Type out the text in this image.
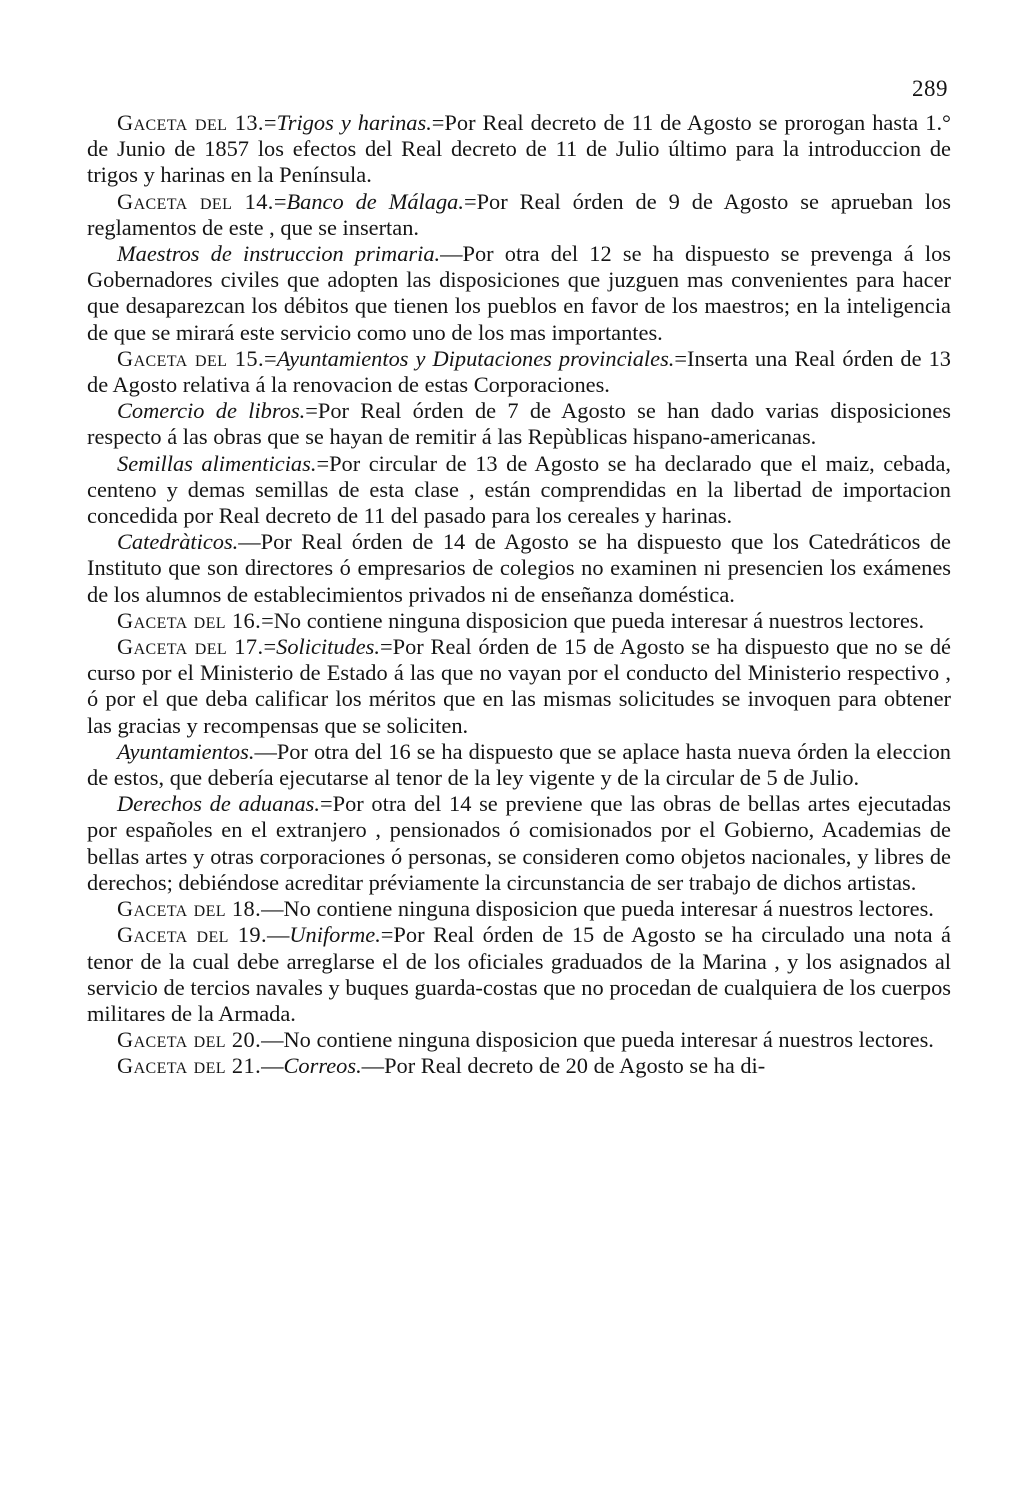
289

Gaceta del 13.=Trigos y harinas.=Por Real decreto de 11 de Agosto se prorogan hasta 1.° de Junio de 1857 los efectos del Real decreto de 11 de Julio último para la introduccion de trigos y harinas en la Península.

Gaceta del 14.=Banco de Málaga.=Por Real órden de 9 de Agosto se aprueban los reglamentos de este , que se insertan.

Maestros de instruccion primaria.—Por otra del 12 se ha dispuesto se prevenga á los Gobernadores civiles que adopten las disposiciones que juzguen mas convenientes para hacer que desaparezcan los débitos que tienen los pueblos en favor de los maestros; en la inteligencia de que se mirará este servicio como uno de los mas importantes.

Gaceta del 15.=Ayuntamientos y Diputaciones provinciales.=Inserta una Real órden de 13 de Agosto relativa á la renovacion de estas Corporaciones.

Comercio de libros.=Por Real órden de 7 de Agosto se han dado varias disposiciones respecto á las obras que se hayan de remitir á las Repùblicas hispano-americanas.

Semillas alimenticias.=Por circular de 13 de Agosto se ha declarado que el maiz, cebada, centeno y demas semillas de esta clase , están comprendidas en la libertad de importacion concedida por Real decreto de 11 del pasado para los cereales y harinas.

Catedràticos.—Por Real órden de 14 de Agosto se ha dispuesto que los Catedráticos de Instituto que son directores ó empresarios de colegios no examinen ni presencien los exámenes de los alumnos de establecimientos privados ni de enseñanza doméstica.

Gaceta del 16.=No contiene ninguna disposicion que pueda interesar á nuestros lectores.

Gaceta del 17.=Solicitudes.=Por Real órden de 15 de Agosto se ha dispuesto que no se dé curso por el Ministerio de Estado á las que no vayan por el conducto del Ministerio respectivo , ó por el que deba calificar los méritos que en las mismas solicitudes se invoquen para obtener las gracias y recompensas que se soliciten.

Ayuntamientos.—Por otra del 16 se ha dispuesto que se aplace hasta nueva órden la eleccion de estos, que debería ejecutarse al tenor de la ley vigente y de la circular de 5 de Julio.

Derechos de aduanas.=Por otra del 14 se previene que las obras de bellas artes ejecutadas por españoles en el extranjero , pensionados ó comisionados por el Gobierno, Academias de bellas artes y otras corporaciones ó personas, se consideren como objetos nacionales, y libres de derechos; debiéndose acreditar préviamente la circunstancia de ser trabajo de dichos artistas.

Gaceta del 18.—No contiene ninguna disposicion que pueda interesar á nuestros lectores.

Gaceta del 19.—Uniforme.=Por Real órden de 15 de Agosto se ha circulado una nota á tenor de la cual debe arreglarse el de los oficiales graduados de la Marina , y los asignados al servicio de tercios navales y buques guarda-costas que no procedan de cualquiera de los cuerpos militares de la Armada.

Gaceta del 20.—No contiene ninguna disposicion que pueda interesar á nuestros lectores.

Gaceta del 21.—Correos.—Por Real decreto de 20 de Agosto se ha di-
